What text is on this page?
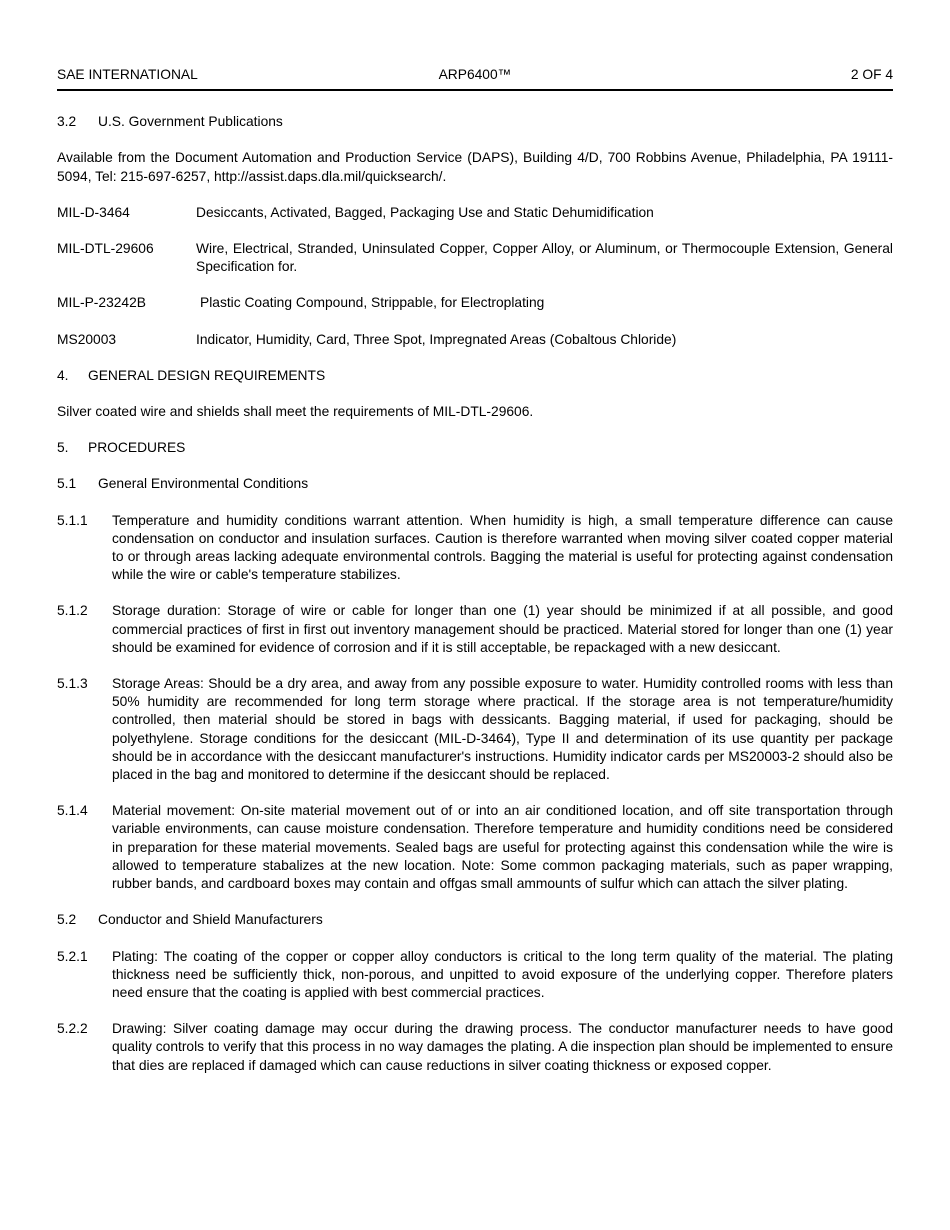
SAE INTERNATIONAL	ARP6400™	2 OF 4
3.2	U.S. Government Publications

Available from the Document Automation and Production Service (DAPS), Building 4/D, 700 Robbins Avenue, Philadelphia, PA 19111-5094, Tel: 215-697-6257, http://assist.daps.dla.mil/quicksearch/.

MIL-D-3464	Desiccants, Activated, Bagged, Packaging Use and Static Dehumidification
MIL-DTL-29606	Wire, Electrical, Stranded, Uninsulated Copper, Copper Alloy, or Aluminum, or Thermocouple Extension, General Specification for.
MIL-P-23242B	Plastic Coating Compound, Strippable, for Electroplating
MS20003	Indicator, Humidity, Card, Three Spot, Impregnated Areas (Cobaltous Chloride)
4.	GENERAL DESIGN REQUIREMENTS

Silver coated wire and shields shall meet the requirements of MIL-DTL-29606.

5.	PROCEDURES
5.1	General Environmental Conditions
5.1.1	Temperature and humidity conditions warrant attention. When humidity is high, a small temperature difference can cause condensation on conductor and insulation surfaces. Caution is therefore warranted when moving silver coated copper material to or through areas lacking adequate environmental controls. Bagging the material is useful for protecting against condensation while the wire or cable's temperature stabilizes.
5.1.2	Storage duration: Storage of wire or cable for longer than one (1) year should be minimized if at all possible, and good commercial practices of first in first out inventory management should be practiced. Material stored for longer than one (1) year should be examined for evidence of corrosion and if it is still acceptable, be repackaged with a new desiccant.
5.1.3	Storage Areas: Should be a dry area, and away from any possible exposure to water. Humidity controlled rooms with less than 50% humidity are recommended for long term storage where practical. If the storage area is not temperature/humidity controlled, then material should be stored in bags with dessicants. Bagging material, if used for packaging, should be polyethylene. Storage conditions for the desiccant (MIL-D-3464), Type II and determination of its use quantity per package should be in accordance with the desiccant manufacturer's instructions. Humidity indicator cards per MS20003-2 should also be placed in the bag and monitored to determine if the desiccant should be replaced.
5.1.4	Material movement: On-site material movement out of or into an air conditioned location, and off site transportation through variable environments, can cause moisture condensation. Therefore temperature and humidity conditions need be considered in preparation for these material movements. Sealed bags are useful for protecting against this condensation while the wire is allowed to temperature stabalizes at the new location. Note: Some common packaging materials, such as paper wrapping, rubber bands, and cardboard boxes may contain and offgas small ammounts of sulfur which can attach the silver plating.
5.2	Conductor and Shield Manufacturers
5.2.1	Plating: The coating of the copper or copper alloy conductors is critical to the long term quality of the material. The plating thickness need be sufficiently thick, non-porous, and unpitted to avoid exposure of the underlying copper. Therefore platers need ensure that the coating is applied with best commercial practices.
5.2.2	Drawing: Silver coating damage may occur during the drawing process. The conductor manufacturer needs to have good quality controls to verify that this process in no way damages the plating. A die inspection plan should be implemented to ensure that dies are replaced if damaged which can cause reductions in silver coating thickness or exposed copper.
